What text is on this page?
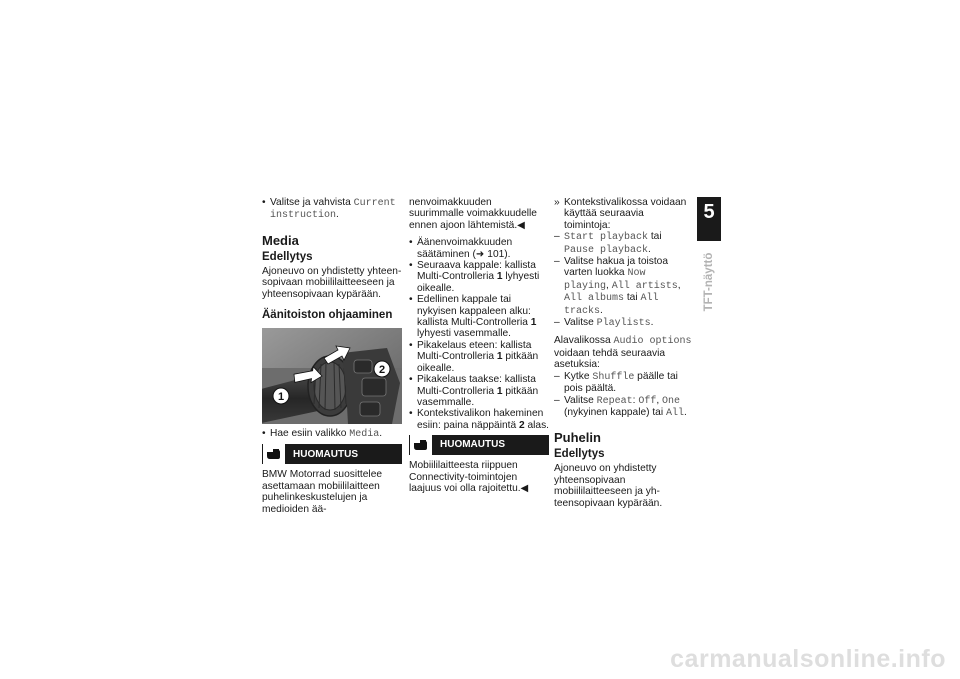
• Valitse ja vahvista Current instruction.

Media
Edellytys

Ajoneuvo on yhdistetty yhteensopivaan mobiililaitteeseen ja yhteensopivaan kypärään.

Äänitoiston ohjaaminen
1
2

• Hae esiin valikko Media.

HUOMAUTUS

BMW Motorrad suosittelee asettamaan mobiililaitteen puhelinkeskustelujen ja medioiden ää-

nenvoimakkuuden suurimmalle voimakkuudelle ennen ajoon lähtemistä.◀

• Äänenvoimakkuuden säätäminen (➜ 101).

• Seuraava kappale: kallista Multi-Controlleria 1 lyhyesti oikealle.

• Edellinen kappale tai nykyisen kappaleen alku: kallista Multi-Controlleria 1 lyhyesti vasemmalle.

• Pikakelaus eteen: kallista Multi-Controlleria 1 pitkään oikealle.

• Pikakelaus taakse: kallista Multi-Controlleria 1 pitkään vasemmalle.

• Kontekstivalikon hakeminen esiin: paina näppäintä 2 alas.

HUOMAUTUS

Mobiililaitteesta riippuen Connectivity-toimintojen laajuus voi olla rajoitettu.◀

» Kontekstivalikossa voidaan käyttää seuraavia toimintoja:

– Start playback tai Pause playback.

– Valitse hakua ja toistoa varten luokka Now playing, All artists, All albums tai All tracks.

– Valitse Playlists.

Alavalikossa Audio options voidaan tehdä seuraavia asetuksia:

– Kytke Shuffle päälle tai pois päältä.

– Valitse Repeat: Off, One (nykyinen kappale) tai All.

Puhelin
Edellytys

Ajoneuvo on yhdistetty yhteensopivaan mobiililaitteeseen ja yhteensopivaan kypärään.

5
113
TFT-näyttö
carmanualsonline.info
